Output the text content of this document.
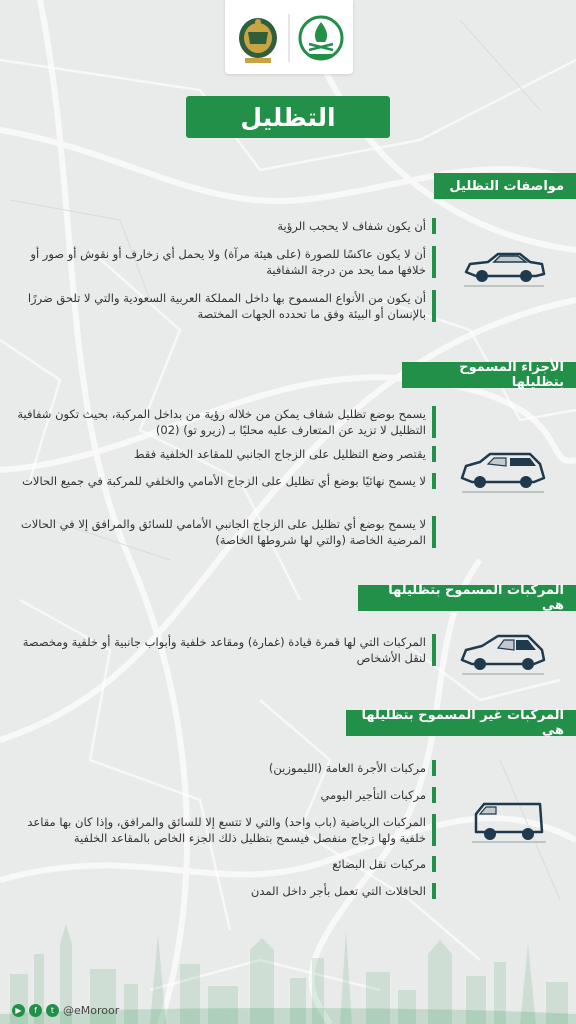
التظليل
مواصفات التظليل
أن يكون شفاف لا يحجب الرؤية
أن لا يكون عاكسًا للصورة (على هيئة مرآة) ولا يحمل أي زخارف أو نقوش أو صور أو خلافها مما يحد من درجة الشفافية
أن يكون من الأنواع المسموح بها داخل المملكة العربية السعودية والتي لا تلحق ضررًا بالإنسان أو البيئة وفق ما تحدده الجهات المختصة
الأجزاء المسموح بتظليلها
يسمح بوضع تظليل شفاف يمكن من خلاله رؤية من بداخل المركبة، بحيث تكون شفافية التظليل لا تزيد عن المتعارف عليه محليًا بـ (زيرو تو) (02)
يقتصر وضع التظليل على الزجاج الجانبي للمقاعد الخلفية فقط
لا يسمح نهائيًا بوضع أي تظليل على الزجاج الأمامي والخلفي للمركبة في جميع الحالات
لا يسمح بوضع أي تظليل على الزجاج الجانبي الأمامي للسائق والمرافق إلا في الحالات المرضية الخاصة (والتي لها شروطها الخاصة)
المركبات المسموح بتظليلها هي
المركبات التي لها قمرة قيادة (غمارة) ومقاعد خلفية وأبواب جانبية أو خلفية ومخصصة لنقل الأشخاص
المركبات غير المسموح بتظليلها هي
مركبات الأجرة العامة (الليموزين)
مركبات التأجير اليومي
المركبات الرياضية (باب واحد) والتي لا تتسع إلا للسائق والمرافق، وإذا كان بها مقاعد خلفية ولها زجاج منفصل فيسمح بتظليل ذلك الجزء الخاص بالمقاعد الخلفية
مركبات نقل البضائع
الحافلات التي تعمل بأجر داخل المدن
▶	f	t @eMoroor
